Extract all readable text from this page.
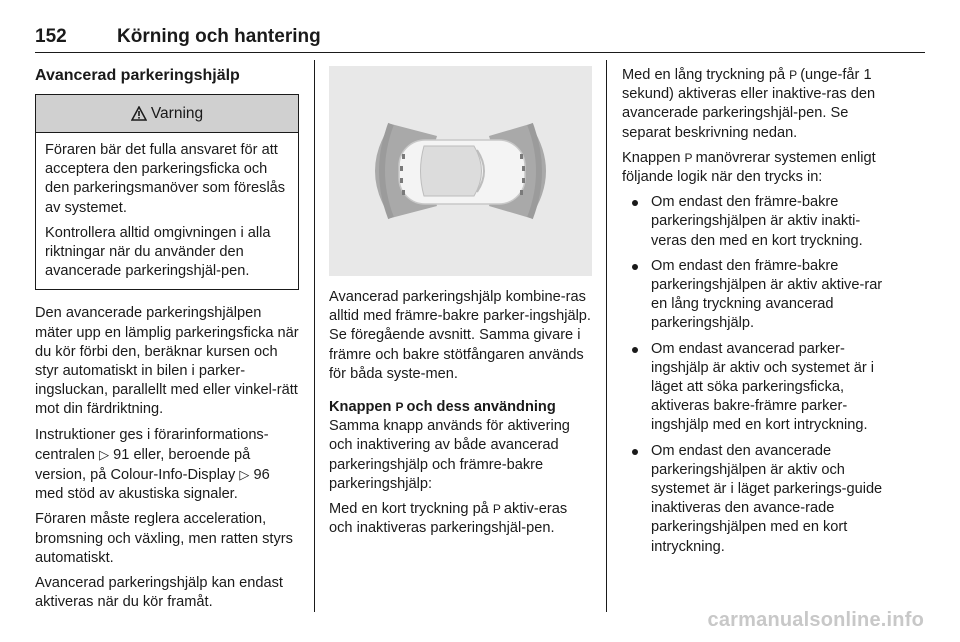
152	Körning och hantering
Avancerad parkeringshjälp
Varning

Föraren bär det fulla ansvaret för att acceptera den parkeringsficka och den parkeringsmanöver som föreslås av systemet.

Kontrollera alltid omgivningen i alla riktningar när du använder den avancerade parkeringshjäl-pen.

Den avancerade parkeringshjälpen mäter upp en lämplig parkeringsficka när du kör förbi den, beräknar kursen och styr automatiskt in bilen i parker-ingsluckan, parallellt med eller vinkel-rätt mot din färdriktning.

Instruktioner ges i förarinformations-centralen ▷ 91 eller, beroende på version, på Colour-Info-Display ▷ 96 med stöd av akustiska signaler.

Föraren måste reglera acceleration, bromsning och växling, men ratten styrs automatiskt.

Avancerad parkeringshjälp kan endast aktiveras när du kör framåt.

Avancerad parkeringshjälp kombine-ras alltid med främre-bakre parker-ingshjälp. Se föregående avsnitt. Samma givare i främre och bakre stötfångaren används för båda syste-men.

Knappen P och dess användning

Samma knapp används för aktivering och inaktivering av både avancerad parkeringshjälp och främre-bakre parkeringshjälp:

Med en kort tryckning på P aktiv-eras och inaktiveras parkeringshjäl-pen.

Med en lång tryckning på P (unge-får 1 sekund) aktiveras eller inaktive-ras den avancerade parkeringshjäl-pen. Se separat beskrivning nedan.

Knappen P manövrerar systemen enligt följande logik när den trycks in:

Om endast den främre-bakre parkeringshjälpen är aktiv inakti-veras den med en kort tryckning.
Om endast den främre-bakre parkeringshjälpen är aktiv aktive-rar en lång tryckning avancerad parkeringshjälp.
Om endast avancerad parker-ingshjälp är aktiv och systemet är i läget att söka parkeringsficka, aktiveras bakre-främre parker-ingshjälp med en kort intryckning.
Om endast den avancerade parkeringshjälpen är aktiv och systemet är i läget parkerings-guide inaktiveras den avance-rade parkeringshjälpen med en kort intryckning.
carmanualsonline.info
